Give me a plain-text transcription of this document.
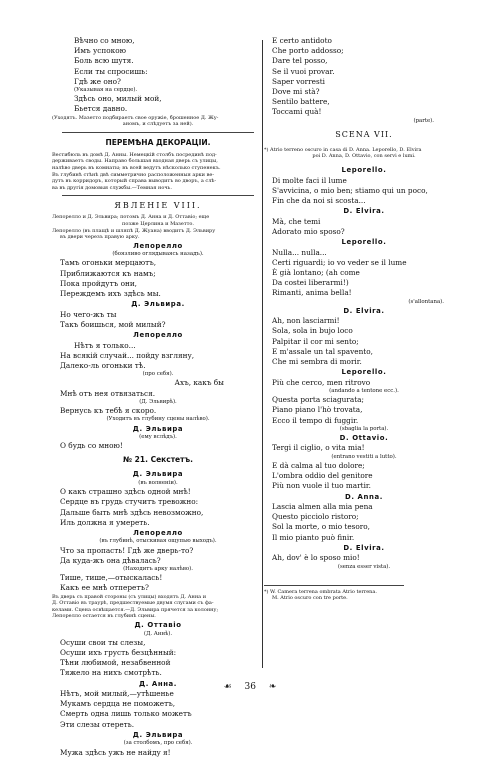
Вѣчно со мною,
Имъ успокою
Боль всю шутя.
Если ты спросишь:
Гдѣ же оно?
(Указывая на сердце).
Здѣсь оно, милый мой,
Бьется давно.
(Уходятъ. Мазетто подбираетъ свое оружіе, брошенное Д. Жу-
аномъ, и слѣдуетъ за ней).
ПЕРЕМѢНА ДЕКОРАЦІИ.
Вестибюль въ домѣ Д. Анны. Немецкій столбъ посрединѣ под-
держиваетъ своды. Направо большая входная дверь съ улицы,
налѣво дверь въ комнаты; въ всей ведутъ нѣсколько ступенекъ.
Въ глубинѣ стѣнѣ двѣ симметрично расположенныя арки ве-
дутъ въ корридоръ, который справа выводитъ во дворъ, а слѣ-
ва въ другія домовыя службы.—Темная ночь.
ЯВЛЕНІЕ VIII.
Лепорелло и Д. Эльвира; потомъ Д. Анна и Д. Оттавіо; еще
позже Церлина и Мазетто.
Лепорелло (въ плащѣ и шляпѣ Д. Жуана) вводитъ Д. Эльвиру
въ двери черезъ правую арку.
Лепорелло
(боязливо оглядываясь назадъ).
Тамъ огоньки мерцаютъ,
Приближаются къ намъ;
Пока пройдутъ они,
Переждемъ ихъ здѣсь мы.
Д. Эльвира.
Но чего-жъ ты
Такъ боишься, мой милый?
Лепорелло
Нѣтъ я только...
На всякій случай... пойду взгляну,
Далеко-ль огоньки тѣ.
(про себя).
Ахъ, какъ бы
Мнѣ отъ нея отвязаться.
(Д. Эльвирѣ).
Вернусь къ тебѣ я скоро.
(Уходитъ въ глубину сцены налѣво).
Д. Эльвира
(ему вслѣдъ).
О будь со мною!
№ 21. Секстетъ.
Д. Эльвира
(въ волненіи).
О какъ страшно здѣсь одной мнѣ!
Сердце въ грудь стучитъ тревожно:
Дальше быть мнѣ здѣсь невозможно,
Иль должна я умереть.
Лепорелло
(въ глубинѣ, отыскивая ощупью выходъ).
Что за пропасть! Гдѣ же дверь-то?
Да куда-жъ она дѣвалась?
(Находитъ арку налѣво).
Тише, тише,—отыскалась!
Какъ ее мнѣ отперетъ?
Въ дверь съ правой стороны (съ улицы) входятъ Д. Анна и
Д. Оттавіо въ траурѣ, предшествуемые двумя слугами съ фа-
келами. Сцена освѣщается.—Д. Эльвира прячется за колонну;
Лепорелло остается въ глубинѣ сцены.
Д. Оттавіо
(Д. Аннѣ).
Осуши свои ты слезы,
Осуши ихъ грусть безцѣнный:
Тѣни любимой, незабвенной
Тяжело на нихъ смотрѣть.
Д. Анна.
Нѣтъ, мой милый,—утѣшенье
Мукамъ сердца не поможетъ,
Смерть одна лишь только можетъ
Эти слезы отереть.
Д. Эльвира
(за столбомъ, про себя).
Мужа здѣсь ужъ не найду я!
E certo antidoto
Che porto addosso;
Dare tel posso,
Se il vuoi provar.
Saper vorresti
Dove mi stà?
Sentilo battere,
Toccami quà!
(parte).
SCENA VII.
*) Atrio terreno oscuro in casa di D. Anna. Leporello, D. Elvira
poi D. Anna, D. Ottavio, con servi e lumi.
Leporello.
Di molte faci il lume
S'avvicina, o mio ben; stiamo qui un poco,
Fin che da noi si scosta...
D. Elvira.
Mà, che temi
Adorato mio sposo?
Leporello.
Nulla... nulla...
Certi riguardi; io vo veder se il lume
È già lontano; (ah come
Da costei liberarmi!)
Rimanti, anima bella!
(s'allontana).
D. Elvira.
Ah, non lasciarmi!
Sola, sola in bujo loco
Palpitar il cor mi sento;
E m'assale un tal spavento,
Che mi sembra di morir.
Leporello.
Più che cerco, men ritrovo
(andando a tentone ecc.).
Questa porta sciagurata;
Piano piano l'hò trovata,
Ecco il tempo di fuggir.
(sbaglia la porta).
D. Ottavio.
Tergi il ciglio, o vita mia!
(entrano vestiti a lutto).
E dà calma al tuo dolore;
L'ombra oddio del genitore
Più non vuole il tuo martir.
D. Anna.
Lascia almen alla mia pena
Questo picciolo ristoro;
Sol la morte, o mio tesoro,
Il mio pianto può finir.
D. Elvira.
Ah, dov' è lo sposo mio!
(senza esser vista).
*) W. Camera terrena ombrata Atrio terrena.
M. Atrio oscuro con tre porte.
☙ 36 ❧
